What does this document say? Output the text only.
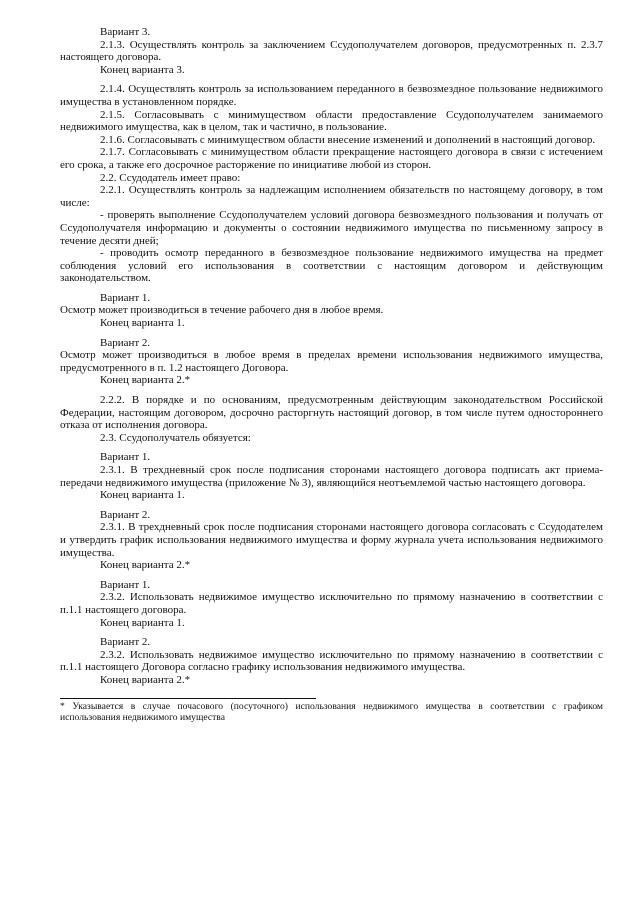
Вариант 3.

2.1.3. Осуществлять контроль за заключением Ссудополучателем договоров, предусмотренных п. 2.3.7 настоящего договора.

Конец варианта 3.

2.1.4. Осуществлять контроль за использованием переданного в безвозмездное пользование недвижимого имущества в установленном порядке.

2.1.5. Согласовывать с минимуществом области предоставление Ссудополучателем занимаемого недвижимого имущества, как в целом, так и частично, в пользование.

2.1.6. Согласовывать с минимуществом области внесение изменений и дополнений в настоящий договор.

2.1.7. Согласовывать с минимуществом области прекращение настоящего договора в связи с истечением его срока, а также его досрочное расторжение по инициативе любой из сторон.

2.2. Ссудодатель имеет право:

2.2.1. Осуществлять контроль за надлежащим исполнением обязательств по настоящему договору, в том числе:

- проверять выполнение Ссудополучателем условий договора безвозмездного пользования и получать от Ссудополучателя информацию и документы о состоянии недвижимого имущества по письменному запросу в течение десяти дней;

- проводить осмотр переданного в безвозмездное пользование недвижимого имущества на предмет соблюдения условий его использования в соответствии с настоящим договором и действующим законодательством.

Вариант 1.

Осмотр может производиться в течение рабочего дня в любое время.

Конец варианта 1.

Вариант 2.

Осмотр может производиться в любое время в пределах времени использования недвижимого имущества, предусмотренного в п. 1.2 настоящего Договора.

Конец варианта 2.*

2.2.2. В порядке и по основаниям, предусмотренным действующим законодательством Российской Федерации, настоящим договором, досрочно расторгнуть настоящий договор, в том числе путем одностороннего отказа от исполнения договора.

2.3. Ссудополучатель обязуется:

Вариант 1.

2.3.1. В трехдневный срок после подписания сторонами настоящего договора подписать акт приема-передачи недвижимого имущества (приложение № 3), являющийся неотъемлемой частью настоящего договора.

Конец варианта 1.

Вариант 2.

2.3.1. В трехдневный срок после подписания сторонами настоящего договора согласовать с Ссудодателем и утвердить график использования недвижимого имущества и форму журнала учета использования недвижимого имущества.

Конец варианта 2.*

Вариант 1.

2.3.2. Использовать недвижимое имущество исключительно по прямому назначению в соответствии с п.1.1 настоящего договора.

Конец варианта 1.

Вариант 2.

2.3.2. Использовать недвижимое имущество исключительно по прямому назначению в соответствии с п.1.1 настоящего Договора согласно графику использования недвижимого имущества.

Конец варианта 2.*

* Указывается в случае почасового (посуточного) использования недвижимого имущества в соответствии с графиком использования недвижимого имущества
